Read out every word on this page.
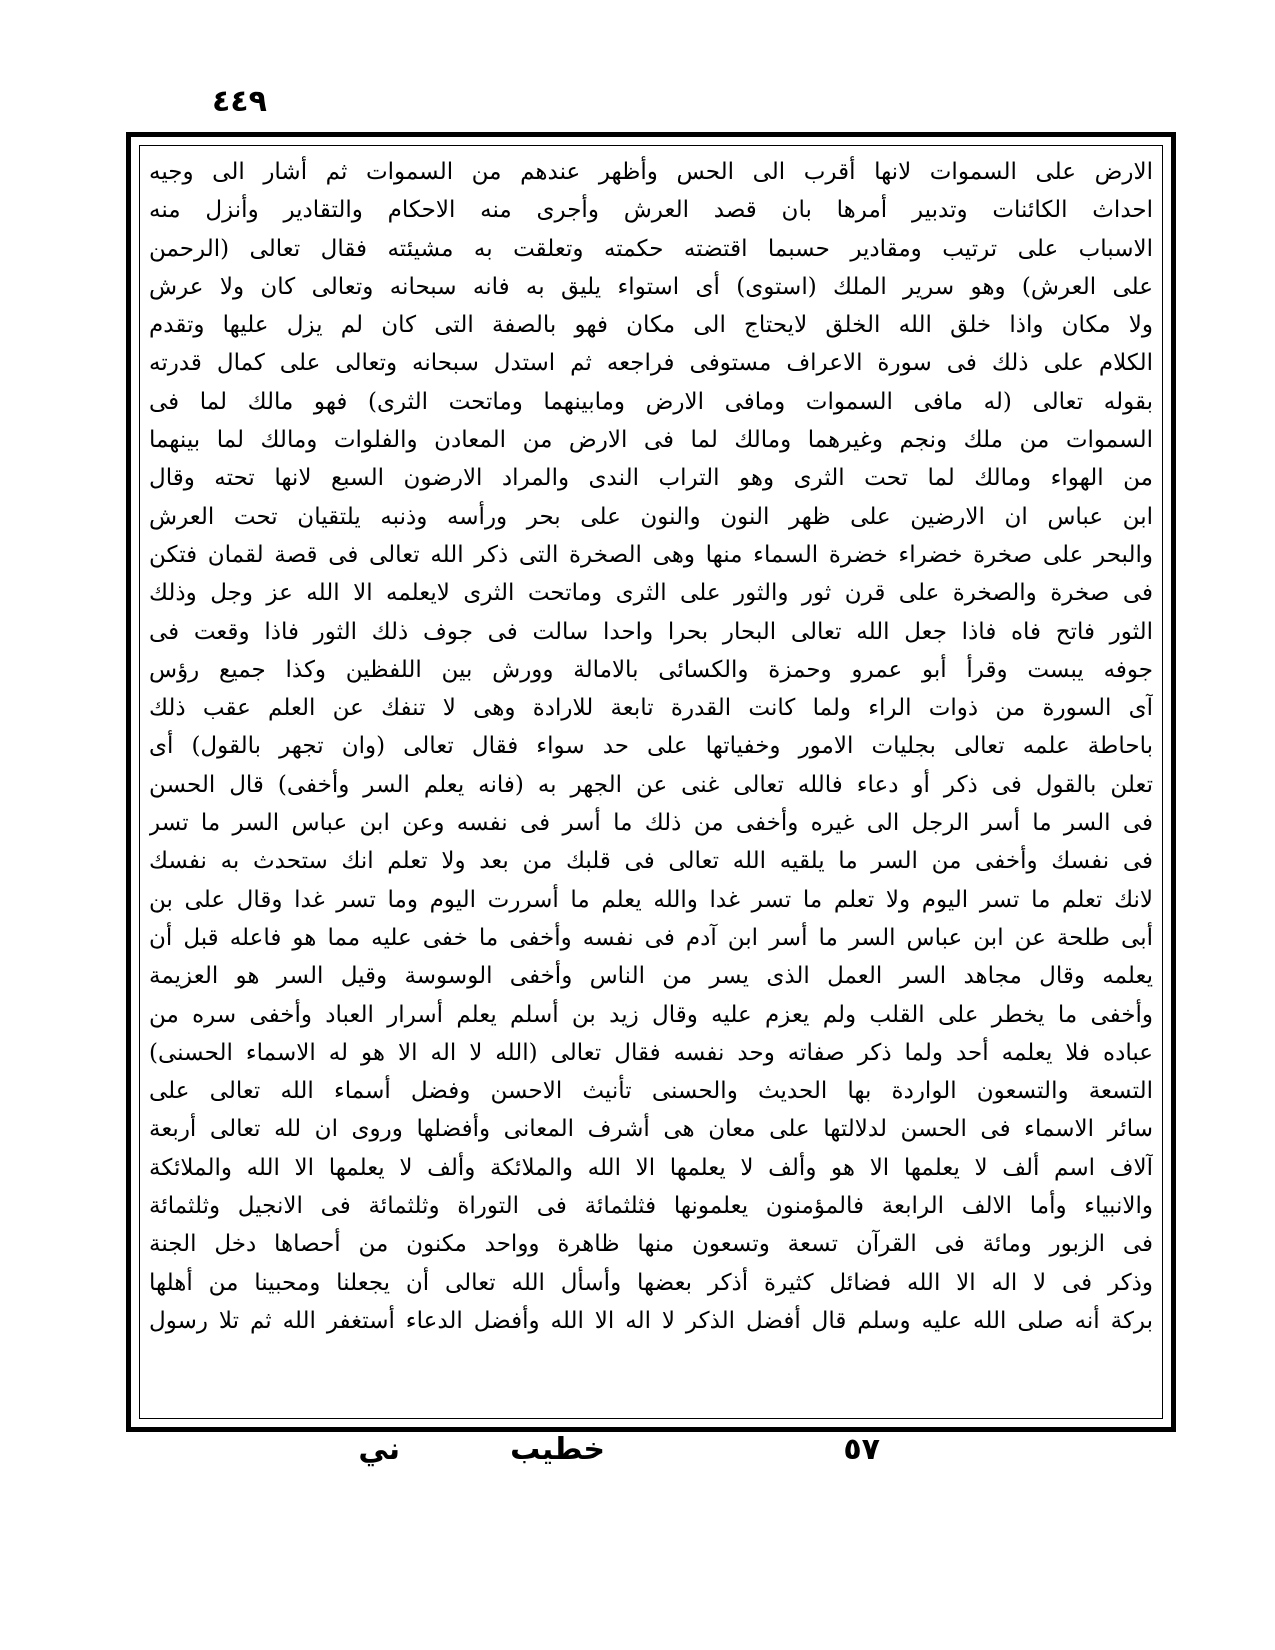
٤٤٩
الارض على السموات لانها أقرب الى الحس وأظهر عندهم من السموات ثم أشار الى وجيه
احداث الكائنات وتدبير أمرها بان قصد العرش وأجرى منه الاحكام والتقادير وأنزل منه
الاسباب على ترتيب ومقادير حسبما اقتضته حكمته وتعلقت به مشيئته فقال تعالى (الرحمن
على العرش) وهو سرير الملك (استوى) أى استواء يليق به فانه سبحانه وتعالى كان ولا عرش
ولا مكان واذا خلق الله الخلق لايحتاج الى مكان فهو بالصفة التى كان لم يزل عليها وتقدم
الكلام على ذلك فى سورة الاعراف مستوفى فراجعه ثم استدل سبحانه وتعالى على كمال قدرته
بقوله تعالى (له مافى السموات ومافى الارض ومابينهما وماتحت الثرى) فهو مالك لما فى
السموات من ملك ونجم وغيرهما ومالك لما فى الارض من المعادن والفلوات ومالك لما بينهما
من الهواء ومالك لما تحت الثرى وهو التراب الندى والمراد الارضون السبع لانها تحته وقال
ابن عباس ان الارضين على ظهر النون والنون على بحر ورأسه وذنبه يلتقيان تحت العرش
والبحر على صخرة خضراء خضرة السماء منها وهى الصخرة التى ذكر الله تعالى فى قصة لقمان فتكن
فى صخرة والصخرة على قرن ثور والثور على الثرى وماتحت الثرى لايعلمه الا الله عز وجل وذلك
الثور فاتح فاه فاذا جعل الله تعالى البحار بحرا واحدا سالت فى جوف ذلك الثور فاذا وقعت فى
جوفه يبست وقرأ أبو عمرو وحمزة والكسائى بالامالة وورش بين اللفظين وكذا جميع رؤس
آى السورة من ذوات الراء ولما كانت القدرة تابعة للارادة وهى لا تنفك عن العلم عقب ذلك
باحاطة علمه تعالى بجليات الامور وخفياتها على حد سواء فقال تعالى (وان تجهر بالقول) أى
تعلن بالقول فى ذكر أو دعاء فالله تعالى غنى عن الجهر به (فانه يعلم السر وأخفى) قال الحسن
فى السر ما أسر الرجل الى غيره وأخفى من ذلك ما أسر فى نفسه وعن ابن عباس السر ما تسر
فى نفسك وأخفى من السر ما يلقيه الله تعالى فى قلبك من بعد ولا تعلم انك ستحدث به نفسك
لانك تعلم ما تسر اليوم ولا تعلم ما تسر غدا والله يعلم ما أسررت اليوم وما تسر غدا وقال على بن
أبى طلحة عن ابن عباس السر ما أسر ابن آدم فى نفسه وأخفى ما خفى عليه مما هو فاعله قبل أن
يعلمه وقال مجاهد السر العمل الذى يسر من الناس وأخفى الوسوسة وقيل السر هو العزيمة
وأخفى ما يخطر على القلب ولم يعزم عليه وقال زيد بن أسلم يعلم أسرار العباد وأخفى سره من
عباده فلا يعلمه أحد ولما ذكر صفاته وحد نفسه فقال تعالى (الله لا اله الا هو له الاسماء الحسنى)
التسعة والتسعون الواردة بها الحديث والحسنى تأنيث الاحسن وفضل أسماء الله تعالى على
سائر الاسماء فى الحسن لدلالتها على معان هى أشرف المعانى وأفضلها وروى ان لله تعالى أربعة
آلاف اسم ألف لا يعلمها الا هو وألف لا يعلمها الا الله والملائكة وألف لا يعلمها الا الله والملائكة
والانبياء وأما الالف الرابعة فالمؤمنون يعلمونها فثلثمائة فى التوراة وثلثمائة فى الانجيل وثلثمائة
فى الزبور ومائة فى القرآن تسعة وتسعون منها ظاهرة وواحد مكنون من أحصاها دخل الجنة
وذكر فى لا اله الا الله فضائل كثيرة أذكر بعضها وأسأل الله تعالى أن يجعلنا ومحبينا من أهلها
بركة أنه صلى الله عليه وسلم قال أفضل الذكر لا اله الا الله وأفضل الدعاء أستغفر الله ثم تلا رسول
٥٧
خطيب
ني
